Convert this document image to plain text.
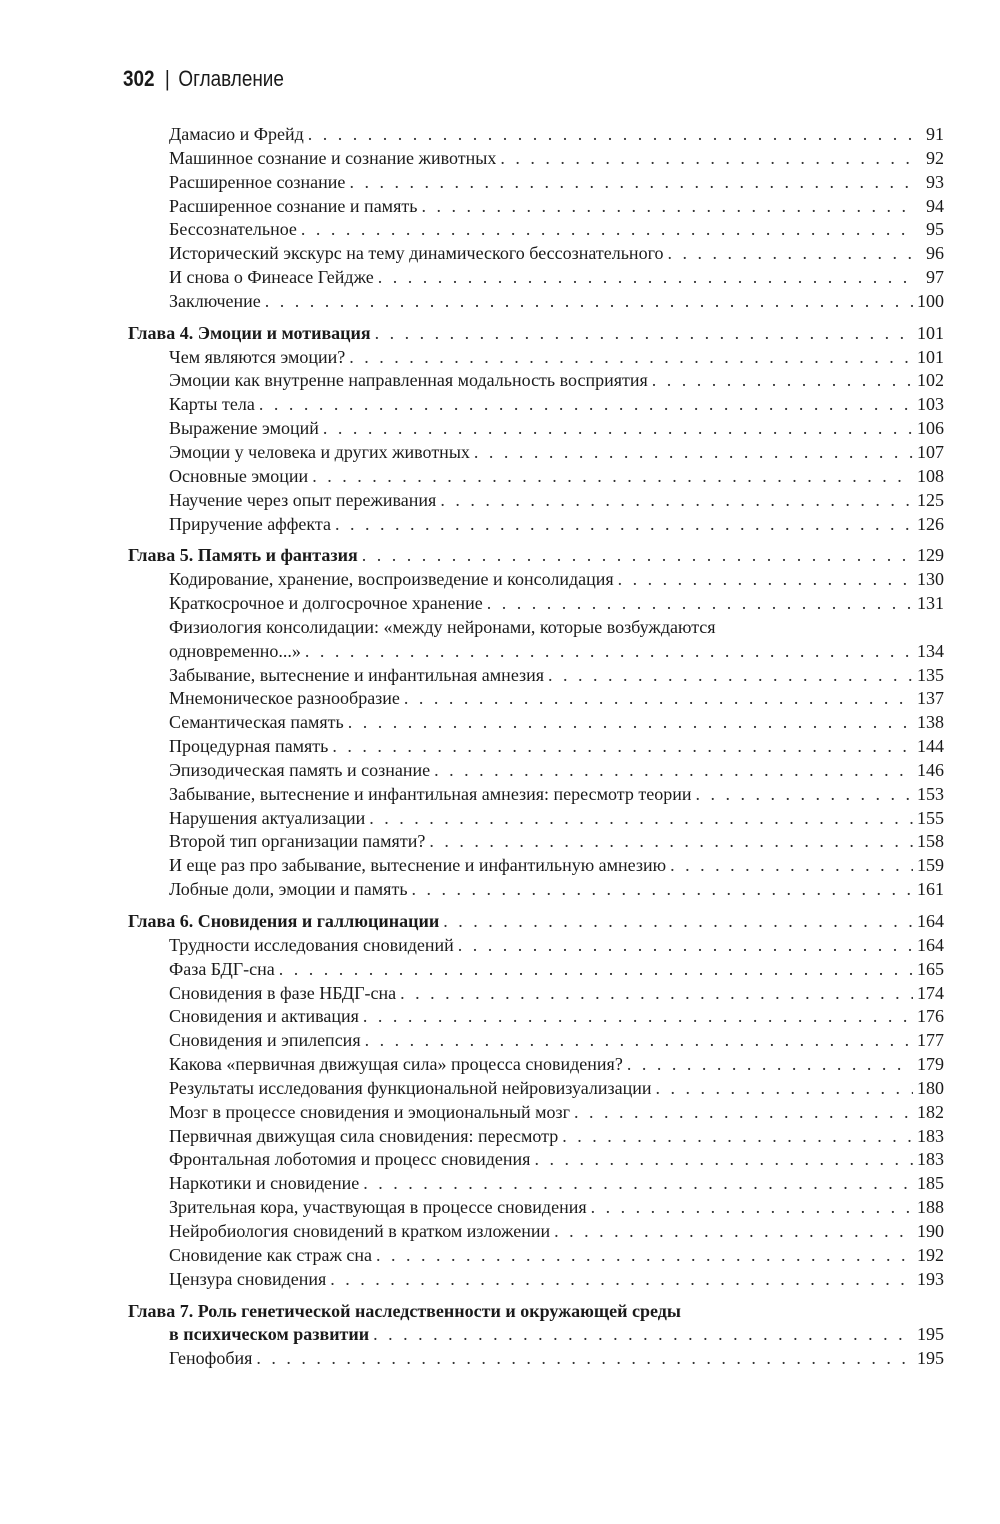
302 | Оглавление
Дамасио и Фрейд . . .	91
Машинное сознание и сознание животных . . .	92
Расширенное сознание . . .	93
Расширенное сознание и память . . .	94
Бессознательное . . .	95
Исторический экскурс на тему динамического бессознательного . . .	96
И снова о Финеасе Гейдже . . .	97
Заключение . . .	100
Глава 4. Эмоции и мотивация . . .	101
Чем являются эмоции? . . .	101
Эмоции как внутренне направленная модальность восприятия . . .	102
Карты тела . . .	103
Выражение эмоций . . .	106
Эмоции у человека и других животных . . .	107
Основные эмоции . . .	108
Научение через опыт переживания . . .	125
Приручение аффекта . . .	126
Глава 5. Память и фантазия . . .	129
Кодирование, хранение, воспроизведение и консолидация . . .	130
Краткосрочное и долгосрочное хранение . . .	131
Физиология консолидации: «между нейронами, которые возбуждаются
одновременно...» . . .	134
Забывание, вытеснение и инфантильная амнезия . . .	135
Мнемоническое разнообразие . . .	137
Семантическая память . . .	138
Процедурная память . . .	144
Эпизодическая память и сознание . . .	146
Забывание, вытеснение и инфантильная амнезия: пересмотр теории . . .	153
Нарушения актуализации . . .	155
Второй тип организации памяти? . . .	158
И еще раз про забывание, вытеснение и инфантильную амнезию . . .	159
Лобные доли, эмоции и память . . .	161
Глава 6. Сновидения и галлюцинации . . .	164
Трудности исследования сновидений . . .	164
Фаза БДГ-сна . . .	165
Сновидения в фазе НБДГ-сна . . .	174
Сновидения и активация . . .	176
Сновидения и эпилепсия . . .	177
Какова «первичная движущая сила» процесса сновидения? . . .	179
Результаты исследования функциональной нейровизуализации . . .	180
Мозг в процессе сновидения и эмоциональный мозг . . .	182
Первичная движущая сила сновидения: пересмотр . . .	183
Фронтальная лоботомия и процесс сновидения . . .	183
Наркотики и сновидение . . .	185
Зрительная кора, участвующая в процессе сновидения . . .	188
Нейробиология сновидений в кратком изложении . . .	190
Сновидение как страж сна . . .	192
Цензура сновидения . . .	193
Глава 7. Роль генетической наследственности и окружающей среды
в психическом развитии . . .	195
Генофобия . . .	195
